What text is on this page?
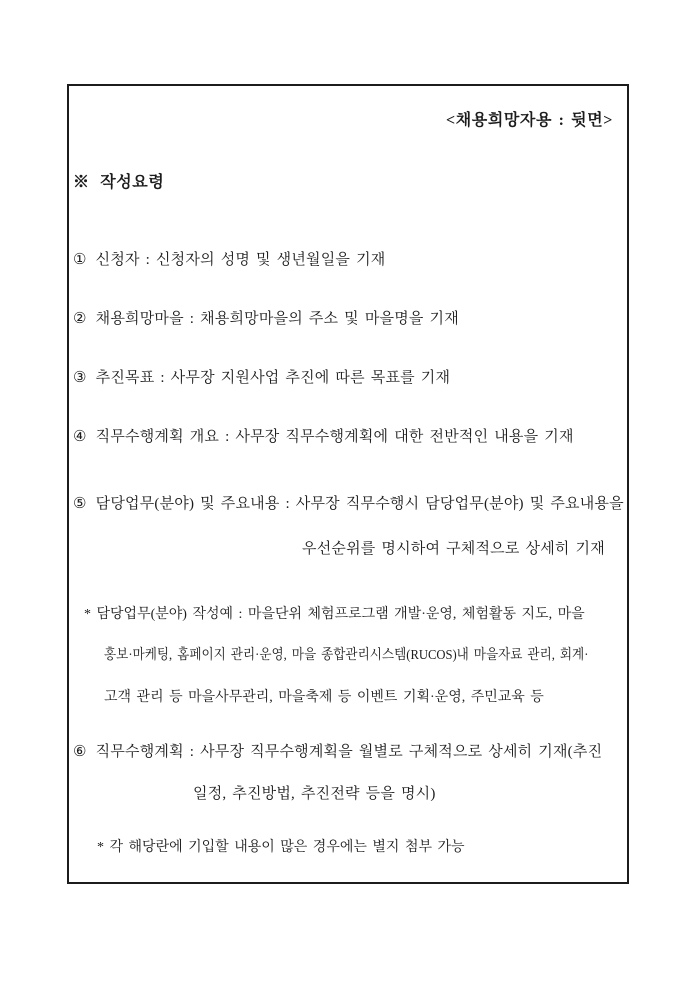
<채용희망자용 : 뒷면>
※ 작성요령
① 신청자 : 신청자의 성명 및 생년월일을 기재
② 채용희망마을 : 채용희망마을의 주소 및 마을명을 기재
③ 추진목표 : 사무장 지원사업 추진에 따른 목표를 기재
④ 직무수행계획 개요 : 사무장 직무수행계획에 대한 전반적인 내용을 기재
⑤ 담당업무(분야) 및 주요내용 : 사무장 직무수행시 담당업무(분야) 및 주요내용을
우선순위를 명시하여 구체적으로 상세히 기재
* 담당업무(분야) 작성예 : 마을단위 체험프로그램 개발·운영, 체험활동 지도, 마을
홍보·마케팅, 홈페이지 관리·운영, 마을 종합관리시스템(RUCOS)내 마을자료 관리, 회계·
고객 관리 등 마을사무관리, 마을축제 등 이벤트 기획·운영, 주민교육 등
⑥ 직무수행계획 : 사무장 직무수행계획을 월별로 구체적으로 상세히 기재(추진
일정, 추진방법, 추진전략 등을 명시)
* 각 해당란에 기입할 내용이 많은 경우에는 별지 첨부 가능
